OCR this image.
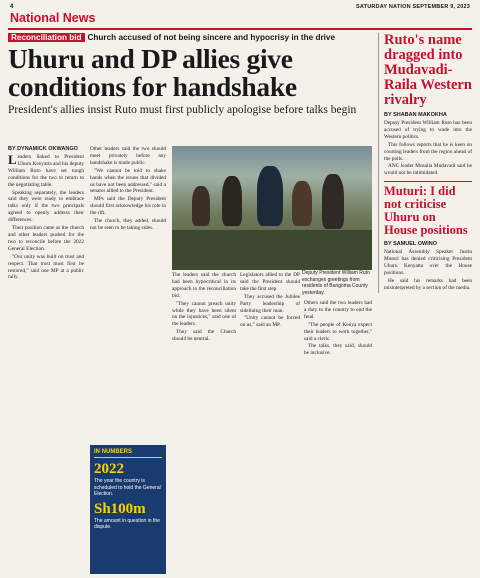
4
National News
SATURDAY NATION SEPTEMBER 9, 2023
Reconciliation bid Church accused of not being sincere and hypocrisy in the drive
Uhuru and DP allies give conditions for handshake
President's allies insist Ruto must first publicly apologise before talks begin
BY DYNAMICK OKWANGO

Leaders linked to President Uhuru Kenyatta and his deputy William Ruto have set tough conditions for the two to return to the negotiating table.

Speaking separately, the leaders said they were ready to embrace talks only if the two principals agreed to openly address their differences.

Their position came as the church and other leaders pushed for the two to reconcile before the 2022 General Election.

"Our unity was built on trust and respect. That trust must first be restored," said one MP at a public rally.

Other leaders said the two should meet privately before any handshake is made public.

"We cannot be told to shake hands when the issues that divided us have not been addressed," said a senator allied to the President.

MPs said the Deputy President should first acknowledge his role in the rift.

The church, they added, should not be seen to be taking sides.

Deputy President William Ruto exchanges greetings from residents of Bungoma County yesterday.

The leaders said the church had been hypocritical in its approach to the reconciliation bid.

"They cannot preach unity while they have been silent on the injustices," said one of the leaders.

They said the Church should be neutral.

Legislators allied to the DP said the President should take the first step.

They accused the Jubilee Party leadership of sidelining their man.

"Unity cannot be forced on us," said an MP.

Others said the two leaders had a duty to the country to end the feud.

"The people of Kenya expect their leaders to work together," said a cleric.

The talks, they said, should be inclusive.

IN NUMBERS
2022
The year the country is scheduled to hold the General Election.
Sh100m
The amount in question in the dispute.
Ruto's name dragged into Mudavadi-Raila Western rivalry
BY SHABAN MAKOKHA

Deputy President William Ruto has been accused of trying to wade into the Western politics.

This follows reports that he is keen on courting leaders from the region ahead of the polls.

ANC leader Musalia Mudavadi said he would not be intimidated.

Muturi: I did not criticise Uhuru on House positions
BY SAMUEL OWINO

National Assembly Speaker Justin Muturi has denied criticising President Uhuru Kenyatta over the House positions.

He said his remarks had been misinterpreted by a section of the media.
